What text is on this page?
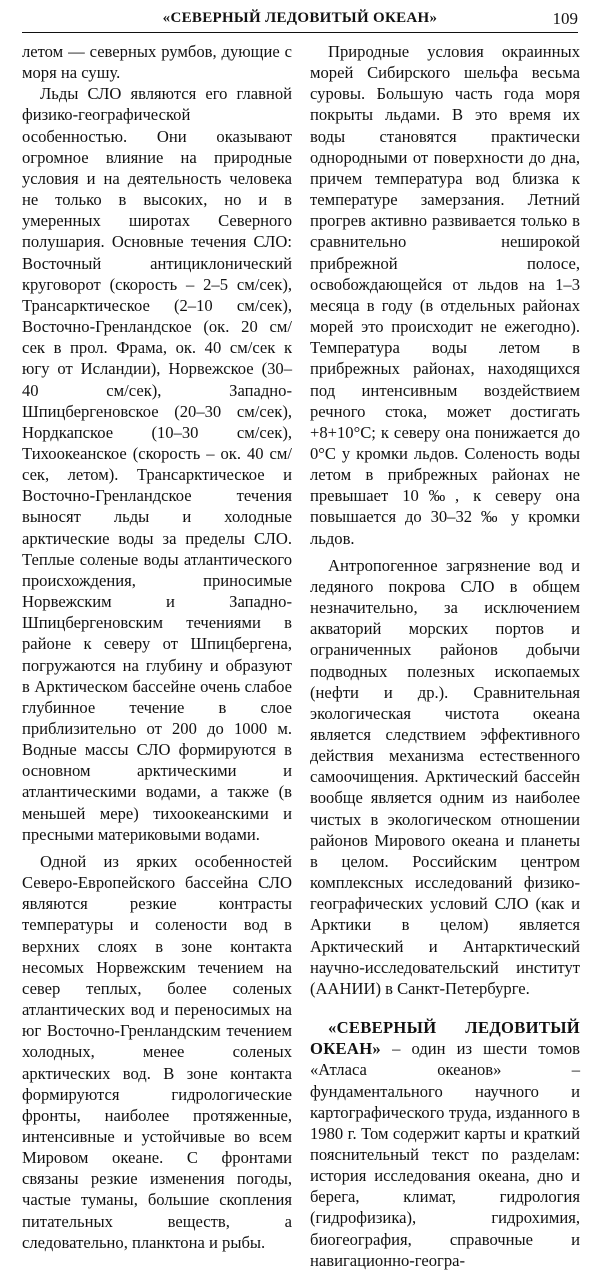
«СЕВЕРНЫЙ ЛЕДОВИТЫЙ ОКЕАН»	109

летом — северных румбов, дующие с моря на сушу.

Льды СЛО являются его главной физико-географической особенностью. Они оказывают огромное влияние на природные условия и на деятельность человека не только в высоких, но и в умеренных широтах Северного полушария. Основные течения СЛО: Восточный антициклонический круговорот (скорость – 2–5 см/сек), Трансарктическое (2–10 см/сек), Восточно-Гренландское (ок. 20 см/сек в прол. Фрама, ок. 40 см/сек к югу от Исландии), Норвежское (30–40 см/сек), Западно-Шпицбергеновское (20–30 см/сек), Нордкапское (10–30 см/сек), Тихоокеанское (скорость – ок. 40 см/сек, летом). Трансарктическое и Восточно-Гренландское течения выносят льды и холодные арктические воды за пределы СЛО. Теплые соленые воды атлантического происхождения, приносимые Норвежским и Западно-Шпицбергеновским течениями в районе к северу от Шпицбергена, погружаются на глубину и образуют в Арктическом бассейне очень слабое глубинное течение в слое приблизительно от 200 до 1000 м. Водные массы СЛО формируются в основном арктическими и атлантическими водами, а также (в меньшей мере) тихоокеанскими и пресными материковыми водами.

Одной из ярких особенностей Северо-Европейского бассейна СЛО являются резкие контрасты температуры и солености вод в верхних слоях в зоне контакта несомых Норвежским течением на север теплых, более соленых атлантических вод и переносимых на юг Восточно-Гренландским течением холодных, менее соленых арктических вод. В зоне контакта формируются гидрологические фронты, наиболее протяженные, интенсивные и устойчивые во всем Мировом океане. С фронтами связаны резкие изменения погоды, частые туманы, большие скопления питательных веществ, а следовательно, планктона и рыбы.

Природные условия окраинных морей Сибирского шельфа весьма суровы. Большую часть года моря покрыты льдами. В это время их воды становятся практически однородными от поверхности до дна, причем температура вод близка к температуре замерзания. Летний прогрев активно развивается только в сравнительно неширокой прибрежной полосе, освобождающейся от льдов на 1–3 месяца в году (в отдельных районах морей это происходит не ежегодно). Температура воды летом в прибрежных районах, находящихся под интенсивным воздействием речного стока, может достигать +8+10°С; к северу она понижается до 0°С у кромки льдов. Соленость воды летом в прибрежных районах не превышает 10‰, к северу она повышается до 30–32 ‰ у кромки льдов.

Антропогенное загрязнение вод и ледяного покрова СЛО в общем незначительно, за исключением акваторий морских портов и ограниченных районов добычи подводных полезных ископаемых (нефти и др.). Сравнительная экологическая чистота океана является следствием эффективного действия механизма естественного самоочищения. Арктический бассейн вообще является одним из наиболее чистых в экологическом отношении районов Мирового океана и планеты в целом. Российским центром комплексных исследований физико-географических условий СЛО (как и Арктики в целом) является Арктический и Антарктический научно-исследовательский институт (ААНИИ) в Санкт-Петербурге.

«СЕВЕРНЫЙ ЛЕДОВИТЫЙ ОКЕАН» – один из шести томов «Атласа океанов» – фундаментального научного и картографического труда, изданного в 1980 г. Том содержит карты и краткий пояснительный текст по разделам: история исследования океана, дно и берега, климат, гидрология (гидрофизика), гидрохимия, биогеография, справочные и навигационно-геогра-
